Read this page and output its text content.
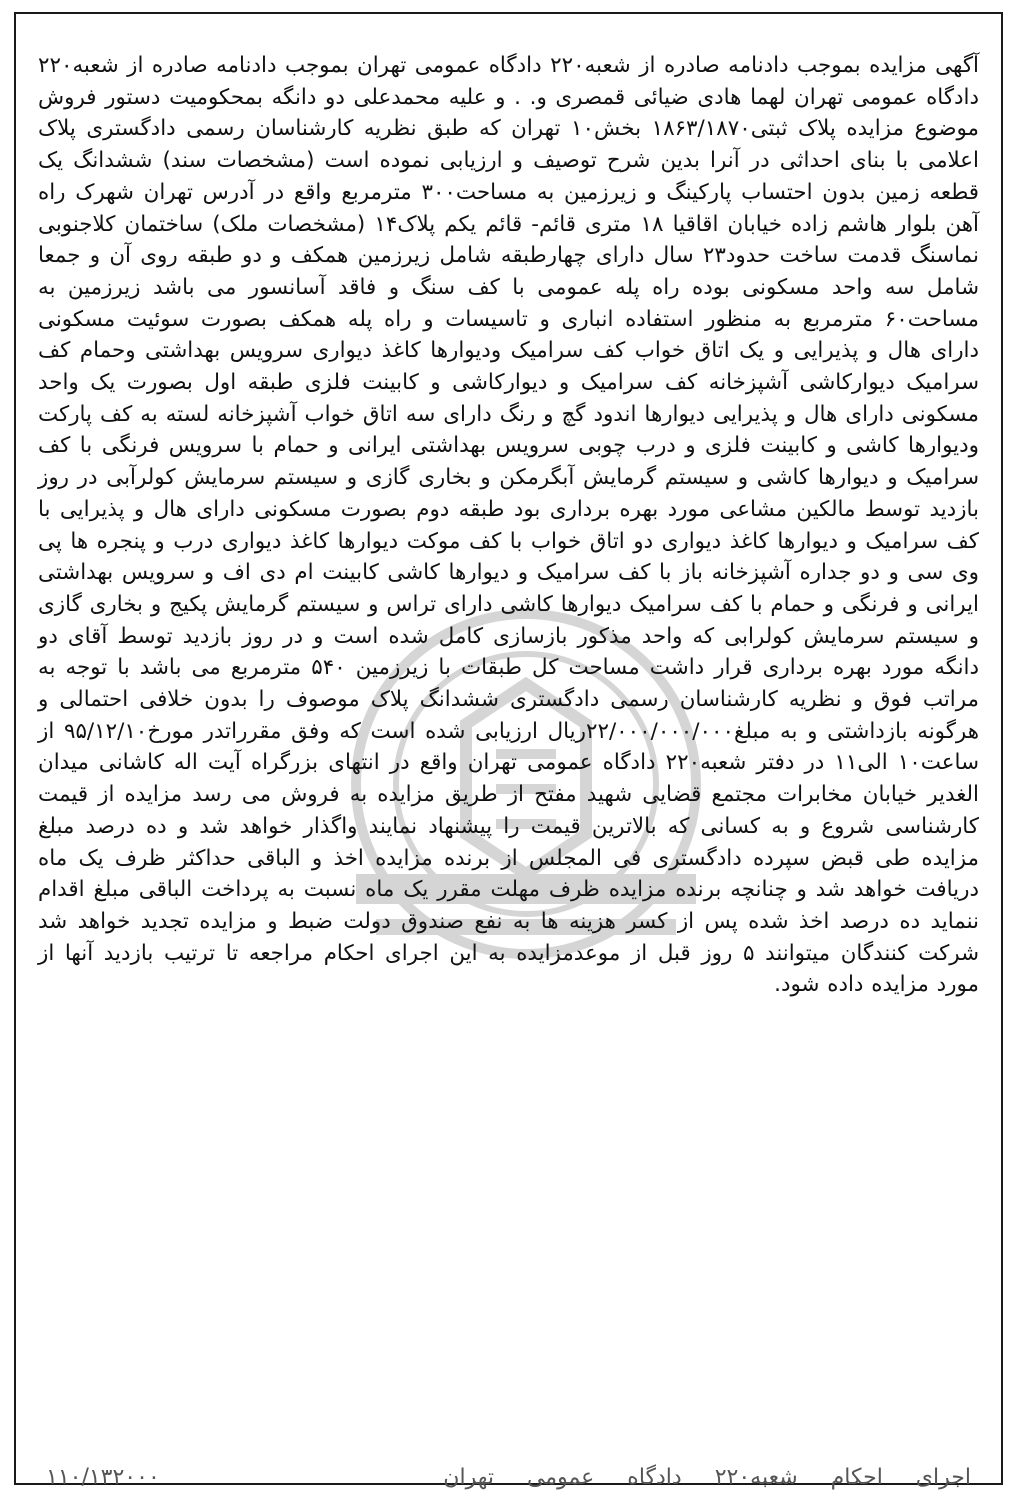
آگهی مزایده بموجب دادنامه صادره از شعبه۲۲۰ دادگاه عمومی تهران بموجب دادنامه صادره از شعبه۲۲۰ دادگاه عمومی تهران لهما هادی ضیائی قمصری و. . و علیه محمدعلی دو دانگه بمحکومیت دستور فروش موضوع مزایده پلاک ثبتی۱۸۶۳/۱۸۷۰ بخش۱۰ تهران که طبق نظریه کارشناسان رسمی دادگستری پلاک اعلامی با بنای احداثی در آنرا بدین شرح توصیف و ارزیابی نموده است (مشخصات سند) ششدانگ یک قطعه زمین بدون احتساب پارکینگ و زیرزمین به مساحت۳۰۰ مترمربع واقع در آدرس تهران شهرک راه آهن بلوار هاشم زاده خیابان اقاقیا ۱۸ متری قائم- قائم یکم پلاک۱۴ (مشخصات ملک) ساختمان کلاجنوبی نماسنگ قدمت ساخت حدود۲۳ سال دارای چهارطبقه شامل زیرزمین همکف و دو طبقه روی آن و جمعا شامل سه واحد مسکونی بوده راه پله عمومی با کف سنگ و فاقد آسانسور می باشد زیرزمین به مساحت۶۰ مترمربع به منظور استفاده انباری و تاسیسات و راه پله همکف بصورت سوئیت مسکونی دارای هال و پذیرایی و یک اتاق خواب کف سرامیک ودیوارها کاغذ دیواری سرویس بهداشتی وحمام کف سرامیک دیوارکاشی آشپزخانه کف سرامیک و دیوارکاشی و کابینت فلزی طبقه اول بصورت یک واحد مسکونی دارای هال و پذیرایی دیوارها اندود گچ و رنگ دارای سه اتاق خواب آشپزخانه لسته به کف پارکت ودیوارها کاشی و کابینت فلزی و درب چوبی سرویس بهداشتی ایرانی و حمام با سرویس فرنگی با کف سرامیک و دیوارها کاشی و سیستم گرمایش آبگرمکن و بخاری گازی و سیستم سرمایش کولرآبی در روز بازدید توسط مالکین مشاعی مورد بهره برداری بود طبقه دوم بصورت مسکونی دارای هال و پذیرایی با کف سرامیک و دیوارها کاغذ دیواری دو اتاق خواب با کف موکت دیوارها کاغذ دیواری درب و پنجره ها پی وی سی و دو جداره آشپزخانه باز با کف سرامیک و دیوارها کاشی کابینت ام دی اف و سرویس بهداشتی ایرانی و فرنگی و حمام با کف سرامیک دیوارها کاشی دارای تراس و سیستم گرمایش پکیج و بخاری گازی و سیستم سرمایش کولرابی که واحد مذکور بازسازی کامل شده است و در روز بازدید توسط آقای دو دانگه مورد بهره برداری قرار داشت مساحت کل طبقات با زیرزمین ۵۴۰ مترمربع می باشد با توجه به مراتب فوق و نظریه کارشناسان رسمی دادگستری ششدانگ پلاک موصوف را بدون خلافی احتمالی و هرگونه بازداشتی و به مبلغ۲۲/۰۰۰/۰۰۰/۰۰۰ریال ارزیابی شده است که وفق مقرراتدر مورخ۹۵/۱۲/۱۰ از ساعت۱۰ الی۱۱ در دفتر شعبه۲۲۰ دادگاه عمومی تهران واقع در انتهای بزرگراه آیت اله کاشانی میدان الغدیر خیابان مخابرات مجتمع قضایی شهید مفتح از طریق مزایده به فروش می رسد مزایده از قیمت کارشناسی شروع و به کسانی که بالاترین قیمت را پیشنهاد نمایند واگذار خواهد شد و ده درصد مبلغ مزایده طی قبض سپرده دادگستری فی المجلس از برنده مزایده اخذ و الباقی حداکثر ظرف یک ماه دریافت خواهد شد و چنانچه برنده مزایده ظرف مهلت مقرر یک ماه نسبت به پرداخت الباقی مبلغ اقدام ننماید ده درصد اخذ شده پس از کسر هزینه ها به نفع صندوق دولت ضبط و مزایده تجدید خواهد شد شرکت کنندگان میتوانند ۵ روز قبل از موعدمزایده به این اجرای احکام مراجعه تا ترتیب بازدید آنها از مورد مزایده داده شود.

اجرای احکام شعبه۲۲۰ دادگاه عمومی تهران
۱۱۰/۱۳۲۰۰۰
